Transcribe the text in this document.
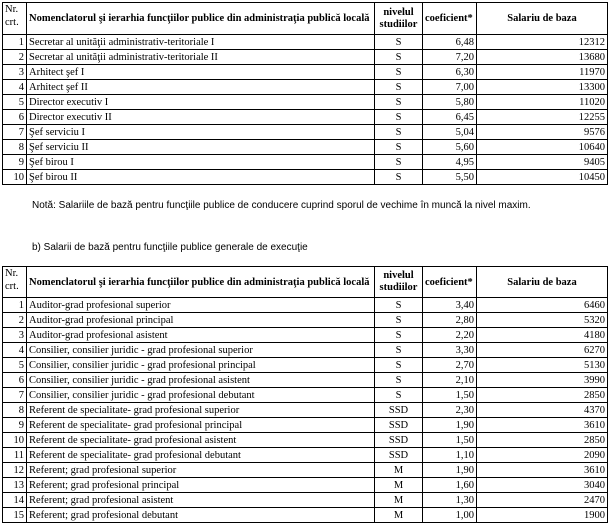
Nr. crt.	Nomenclatorul şi ierarhia funcţiilor publice din administraţia publică locală	nivelul studiilor	coeficient*	Salariu de baza
1	Secretar al unităţii administrativ-teritoriale I	S	6,48	12312
2	Secretar al unităţii administrativ-teritoriale II	S	7,20	13680
3	Arhitect şef I	S	6,30	11970
4	Arhitect şef II	S	7,00	13300
5	Director executiv I	S	5,80	11020
6	Director executiv II	S	6,45	12255
7	Şef serviciu I	S	5,04	9576
8	Şef serviciu II	S	5,60	10640
9	Şef birou I	S	4,95	9405
10	Şef birou II	S	5,50	10450
Notă: Salariile de bază pentru funcţiile publice de conducere cuprind sporul de vechime în muncă la nivel maxim.
b) Salarii de bază pentru funcţiile publice generale de execuţie
Nr. crt.	Nomenclatorul şi ierarhia funcţiilor publice din administraţia publică locală	nivelul studiilor	coeficient*	Salariu de baza
1	Auditor-grad profesional superior	S	3,40	6460
2	Auditor-grad profesional principal	S	2,80	5320
3	Auditor-grad profesional asistent	S	2,20	4180
4	Consilier, consilier juridic - grad profesional superior	S	3,30	6270
5	Consilier, consilier juridic - grad profesional principal	S	2,70	5130
6	Consilier, consilier juridic - grad profesional asistent	S	2,10	3990
7	Consilier, consilier juridic - grad profesional debutant	S	1,50	2850
8	Referent de specialitate- grad profesional superior	SSD	2,30	4370
9	Referent de specialitate- grad profesional principal	SSD	1,90	3610
10	Referent de specialitate- grad profesional asistent	SSD	1,50	2850
11	Referent de specialitate- grad profesional debutant	SSD	1,10	2090
12	Referent; grad profesional superior	M	1,90	3610
13	Referent; grad profesional principal	M	1,60	3040
14	Referent; grad profesional asistent	M	1,30	2470
15	Referent; grad profesional debutant	M	1,00	1900
